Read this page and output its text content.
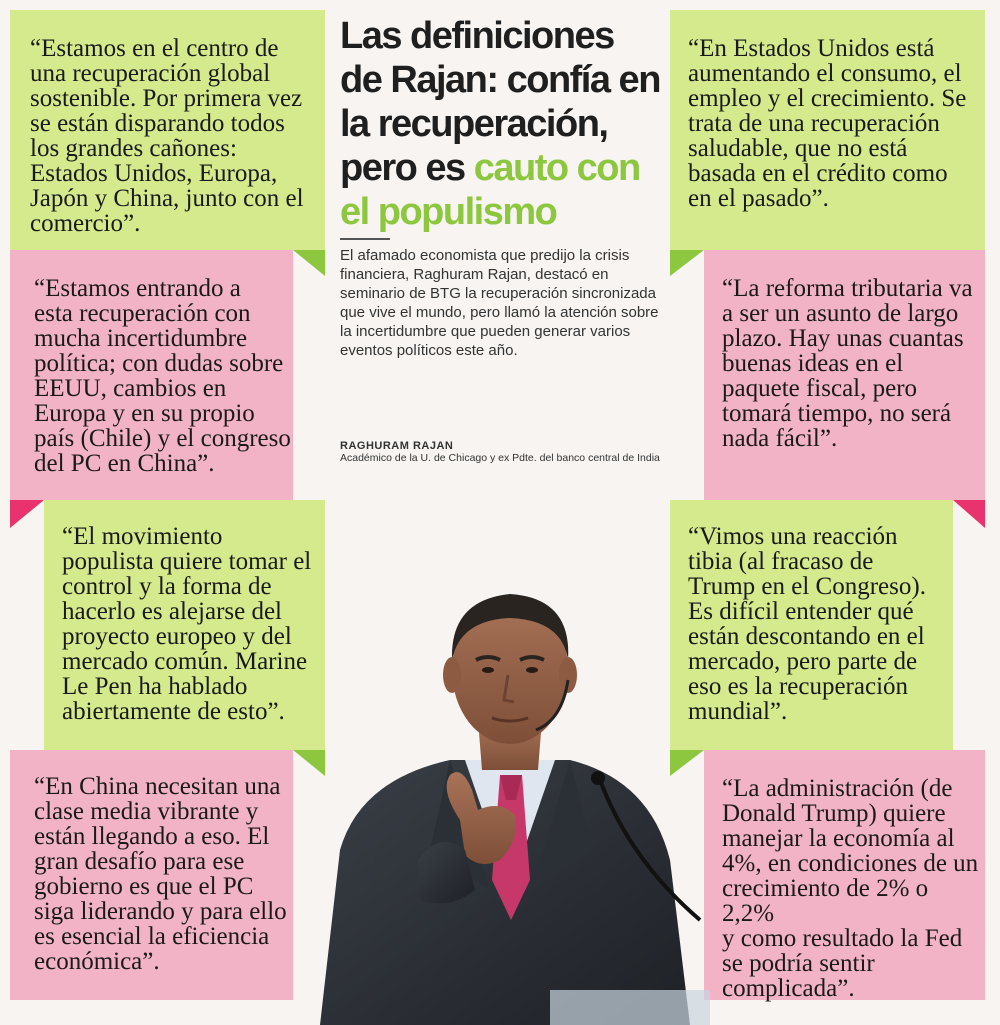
“Estamos en el centro de

una recuperación global

sostenible. Por primera vez

se están disparando todos

los grandes cañones:

Estados Unidos, Europa,

Japón y China, junto con el

comercio”.

“Estamos entrando a

esta recuperación con

mucha incertidumbre

política; con dudas sobre

EEUU, cambios en

Europa y en su propio

país (Chile) y el congreso

del PC en China”.

“El movimiento

populista quiere tomar el

control y la forma de

hacerlo es alejarse del

proyecto europeo y del

mercado común. Marine

Le Pen ha hablado

abiertamente de esto”.

“En China necesitan una

clase media vibrante y

están llegando a eso. El

gran desafío para ese

gobierno es que el PC

siga liderando y para ello

es esencial la eficiencia

económica”.

“En Estados Unidos está

aumentando el consumo, el

empleo y el crecimiento. Se

trata de una recuperación

saludable, que no está

basada en el crédito como

en el pasado”.

“La reforma tributaria va

a ser un asunto de largo

plazo. Hay unas cuantas

buenas ideas en el

paquete fiscal, pero

tomará tiempo, no será

nada fácil”.

“Vimos una reacción

tibia (al fracaso de

Trump en el Congreso).

Es difícil entender qué

están descontando en el

mercado, pero parte de

eso es la recuperación

mundial”.

“La administración (de

Donald Trump) quiere

manejar la economía al

4%, en condiciones de un

crecimiento de 2% o 2,2%

y como resultado la Fed

se podría sentir

complicada”.

Las definiciones
de Rajan: confía en
la recuperación,
pero es cauto con
el populismo
El afamado economista que predijo la crisis financiera, Raghuram Rajan, destacó en seminario de BTG la recuperación sincronizada que vive el mundo, pero llamó la atención sobre la incertidumbre que pueden generar varios eventos políticos este año.
RAGHURAM RAJAN
Académico de la U. de Chicago y ex Pdte. del banco central de India
